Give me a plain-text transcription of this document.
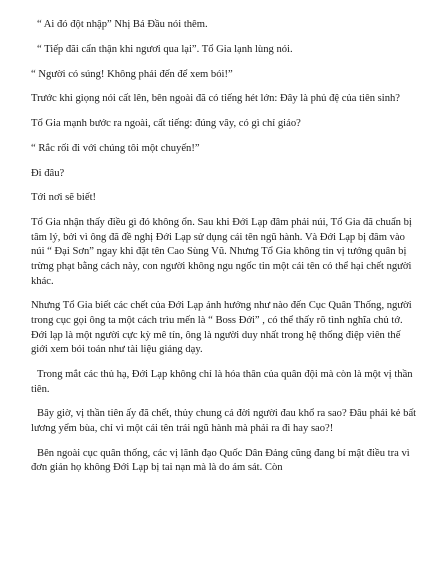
“ Ai đó đột nhập” Nhị Bá Đầu nói thêm.

“ Tiếp đãi cẩn thận khi ngươi qua lại”. Tổ Gia lạnh lùng nói.

“ Người có súng! Không phải đến để xem bói!”

Trước khi giọng nói cất lên, bên ngoài đã có tiếng hét lớn: Đây là phủ đệ của tiên sinh?

Tổ Gia mạnh bước ra ngoài, cất tiếng: đúng vây, có gì chỉ giáo?

“ Rắc rối đi với chúng tôi một chuyến!”

Đi đâu?

Tới nơi sẽ biết!

Tổ Gia nhận thấy điều gì đó không ổn. Sau khi Đới Lạp đâm phải núi, Tổ Gia đã chuẩn bị tâm lý, bởi vì ông đã đề nghị Đới Lạp sử dụng cái tên ngũ hành. Và Đới Lạp bị đâm vào núi “ Đại Sơn” ngay khi đặt tên Cao Sùng Vũ. Nhưng Tổ Gia không tin vị tướng quân bị trừng phạt bằng cách này, con người không ngu ngốc tin một cái tên có thể hại chết người khác.

Nhưng Tổ Gia biết các chết của Đới Lạp ảnh hưởng như nào đến Cục Quân Thống, người trong cục gọi ông ta một cách trìu mến là “ Boss Đới” , có thể thấy rõ tình nghĩa chủ tớ. Đới lạp là một người cực kỳ mê tín, ông là người duy nhất trong hệ thống điệp viên thế giới xem bói toán như tài liệu giảng dạy.

Trong mắt các thủ hạ, Đới Lạp không chỉ là hóa thân của quân đội mà còn là một vị thần tiên.

Bây giờ, vị thần tiên ấy đã chết, thủy chung cả đời người đau khổ ra sao? Đâu phải kẻ bất lương yểm bùa, chỉ vì một cái tên trái ngũ hành mà phải ra đi hay sao?!

Bên ngoài cục quân thống, các vị lãnh đạo Quốc Dân Đảng cũng đang bí mật điều tra vì đơn giản họ không Đới Lạp bị tai nạn mà là do ám sát. Còn
